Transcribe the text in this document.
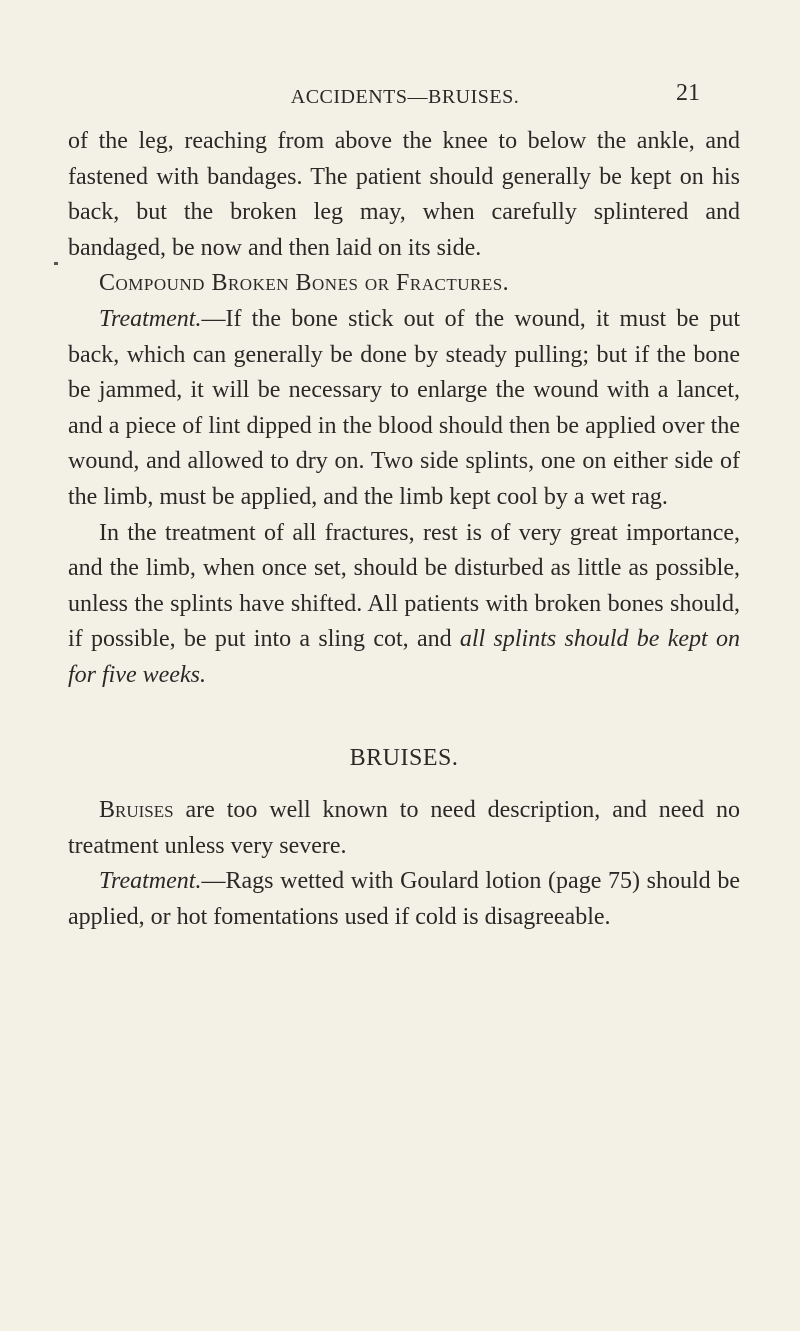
ACCIDENTS—BRUISES.	21

of the leg, reaching from above the knee to below the ankle, and fastened with bandages. The patient should generally be kept on his back, but the broken leg may, when carefully splintered and bandaged, be now and then laid on its side.

Compound Broken Bones or Fractures.

Treatment.—If the bone stick out of the wound, it must be put back, which can generally be done by steady pulling; but if the bone be jammed, it will be necessary to enlarge the wound with a lancet, and a piece of lint dipped in the blood should then be applied over the wound, and allowed to dry on. Two side splints, one on either side of the limb, must be applied, and the limb kept cool by a wet rag.

In the treatment of all fractures, rest is of very great importance, and the limb, when once set, should be disturbed as little as possible, unless the splints have shifted. All patients with broken bones should, if possible, be put into a sling cot, and all splints should be kept on for five weeks.

BRUISES.

Bruises are too well known to need description, and need no treatment unless very severe.

Treatment.—Rags wetted with Goulard lotion (page 75) should be applied, or hot fomentations used if cold is disagreeable.
